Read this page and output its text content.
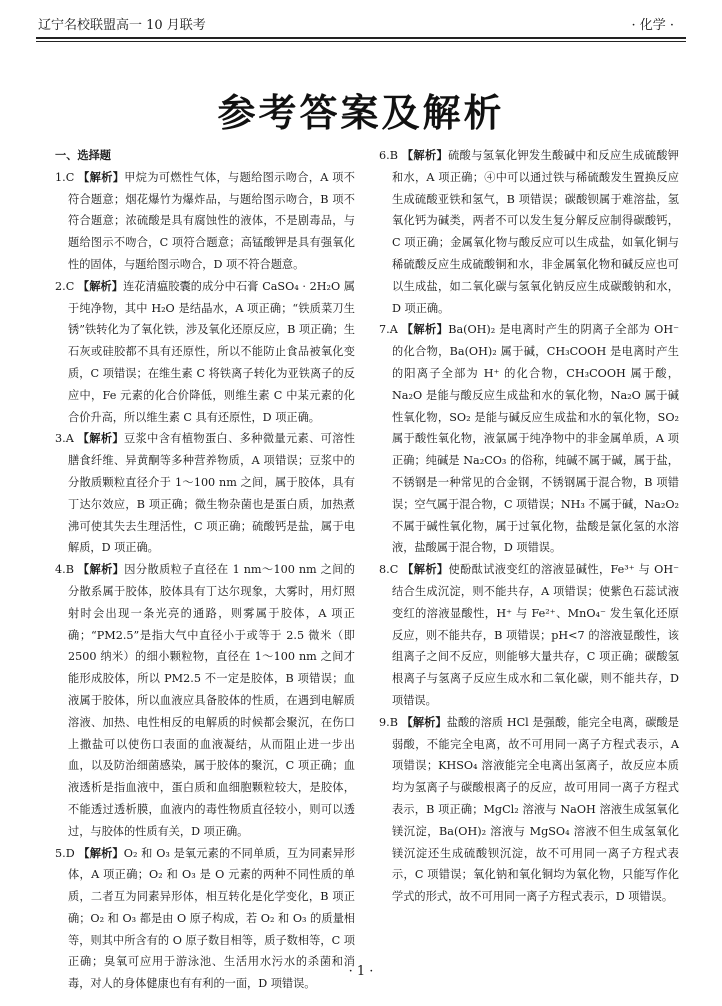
辽宁名校联盟高一 10 月联考	· 化学 ·
参考答案及解析
一、选择题
1.C 【解析】甲烷为可燃性气体，与题给图示吻合，A 项不符合题意；烟花爆竹为爆炸品，与题给图示吻合，B 项不符合题意；浓硫酸是具有腐蚀性的液体，不是剧毒品，与题给图示不吻合，C 项符合题意；高锰酸钾是具有强氧化性的固体，与题给图示吻合，D 项不符合题意。
2.C 【解析】连花清瘟胶囊的成分中石膏 CaSO₄ · 2H₂O 属于纯净物，其中 H₂O 是结晶水，A 项正确；“铁质菜刀生锈”铁转化为了氧化铁，涉及氧化还原反应，B 项正确；生石灰或硅胶都不具有还原性，所以不能防止食品被氧化变质，C 项错误；在维生素 C 将铁离子转化为亚铁离子的反应中，Fe 元素的化合价降低，则维生素 C 中某元素的化合价升高，所以维生素 C 具有还原性，D 项正确。
3.A 【解析】豆浆中含有植物蛋白、多种微量元素、可溶性膳食纤维、异黄酮等多种营养物质，A 项错误；豆浆中的分散质颗粒直径介于 1～100 nm 之间，属于胶体，具有丁达尔效应，B 项正确；微生物杂菌也是蛋白质，加热煮沸可使其失去生理活性，C 项正确；硫酸钙是盐，属于电解质，D 项正确。
4.B 【解析】因分散质粒子直径在 1 nm～100 nm 之间的分散系属于胶体，胶体具有丁达尔现象，大雾时，用灯照射时会出现一条光亮的通路，则雾属于胶体，A 项正确；“PM2.5”是指大气中直径小于或等于 2.5 微米（即 2500 纳米）的细小颗粒物，直径在 1～100 nm 之间才能形成胶体，所以 PM2.5 不一定是胶体，B 项错误；血液属于胶体，所以血液应具备胶体的性质，在遇到电解质溶液、加热、电性相反的电解质的时候都会聚沉，在伤口上撒盐可以使伤口表面的血液凝结，从而阻止进一步出血，以及防治细菌感染，属于胶体的聚沉，C 项正确；血液透析是指血液中，蛋白质和血细胞颗粒较大，是胶体，不能透过透析膜，血液内的毒性物质直径较小，则可以透过，与胶体的性质有关，D 项正确。
5.D 【解析】O₂ 和 O₃ 是氧元素的不同单质，互为同素异形体，A 项正确；O₂ 和 O₃ 是 O 元素的两种不同性质的单质，二者互为同素异形体，相互转化是化学变化，B 项正确；O₂ 和 O₃ 都是由 O 原子构成，若 O₂ 和 O₃ 的质量相等，则其中所含有的 O 原子数目相等，质子数相等，C 项正确；臭氧可应用于游泳池、生活用水污水的杀菌和消毒，对人的身体健康也有有利的一面，D 项错误。
6.B 【解析】硫酸与氢氧化钾发生酸碱中和反应生成硫酸钾和水，A 项正确；④中可以通过铁与稀硫酸发生置换反应生成硫酸亚铁和氢气，B 项错误；碳酸钡属于难溶盐，氢氧化钙为碱类，两者不可以发生复分解反应制得碳酸钙，C 项正确；金属氧化物与酸反应可以生成盐，如氧化铜与稀硫酸反应生成硫酸铜和水，非金属氧化物和碱反应也可以生成盐，如二氧化碳与氢氧化钠反应生成碳酸钠和水，D 项正确。
7.A 【解析】Ba(OH)₂ 是电离时产生的阴离子全部为 OH⁻ 的化合物，Ba(OH)₂ 属于碱，CH₃COOH 是电离时产生的阳离子全部为 H⁺ 的化合物，CH₃COOH 属于酸，Na₂O 是能与酸反应生成盐和水的氧化物，Na₂O 属于碱性氧化物，SO₂ 是能与碱反应生成盐和水的氧化物，SO₂ 属于酸性氧化物，液氯属于纯净物中的非金属单质，A 项正确；纯碱是 Na₂CO₃ 的俗称，纯碱不属于碱，属于盐，不锈钢是一种常见的合金钢，不锈钢属于混合物，B 项错误；空气属于混合物，C 项错误；NH₃ 不属于碱，Na₂O₂ 不属于碱性氧化物，属于过氧化物，盐酸是氯化氢的水溶液，盐酸属于混合物，D 项错误。
8.C 【解析】使酚酞试液变红的溶液显碱性，Fe³⁺ 与 OH⁻ 结合生成沉淀，则不能共存，A 项错误；使紫色石蕊试液变红的溶液显酸性，H⁺ 与 Fe²⁺、MnO₄⁻ 发生氧化还原反应，则不能共存，B 项错误；pH<7 的溶液显酸性，该组离子之间不反应，则能够大量共存，C 项正确；碳酸氢根离子与氢离子反应生成水和二氧化碳，则不能共存，D 项错误。
9.B 【解析】盐酸的溶质 HCl 是强酸，能完全电离，碳酸是弱酸，不能完全电离，故不可用同一离子方程式表示，A 项错误；KHSO₄ 溶液能完全电离出氢离子，故反应本质均为氢离子与碳酸根离子的反应，故可用同一离子方程式表示，B 项正确；MgCl₂ 溶液与 NaOH 溶液生成氢氧化镁沉淀，Ba(OH)₂ 溶液与 MgSO₄ 溶液不但生成氢氧化镁沉淀还生成硫酸钡沉淀，故不可用同一离子方程式表示，C 项错误；氧化钠和氧化铜均为氧化物，只能写作化学式的形式，故不可用同一离子方程式表示，D 项错误。
· 1 ·
